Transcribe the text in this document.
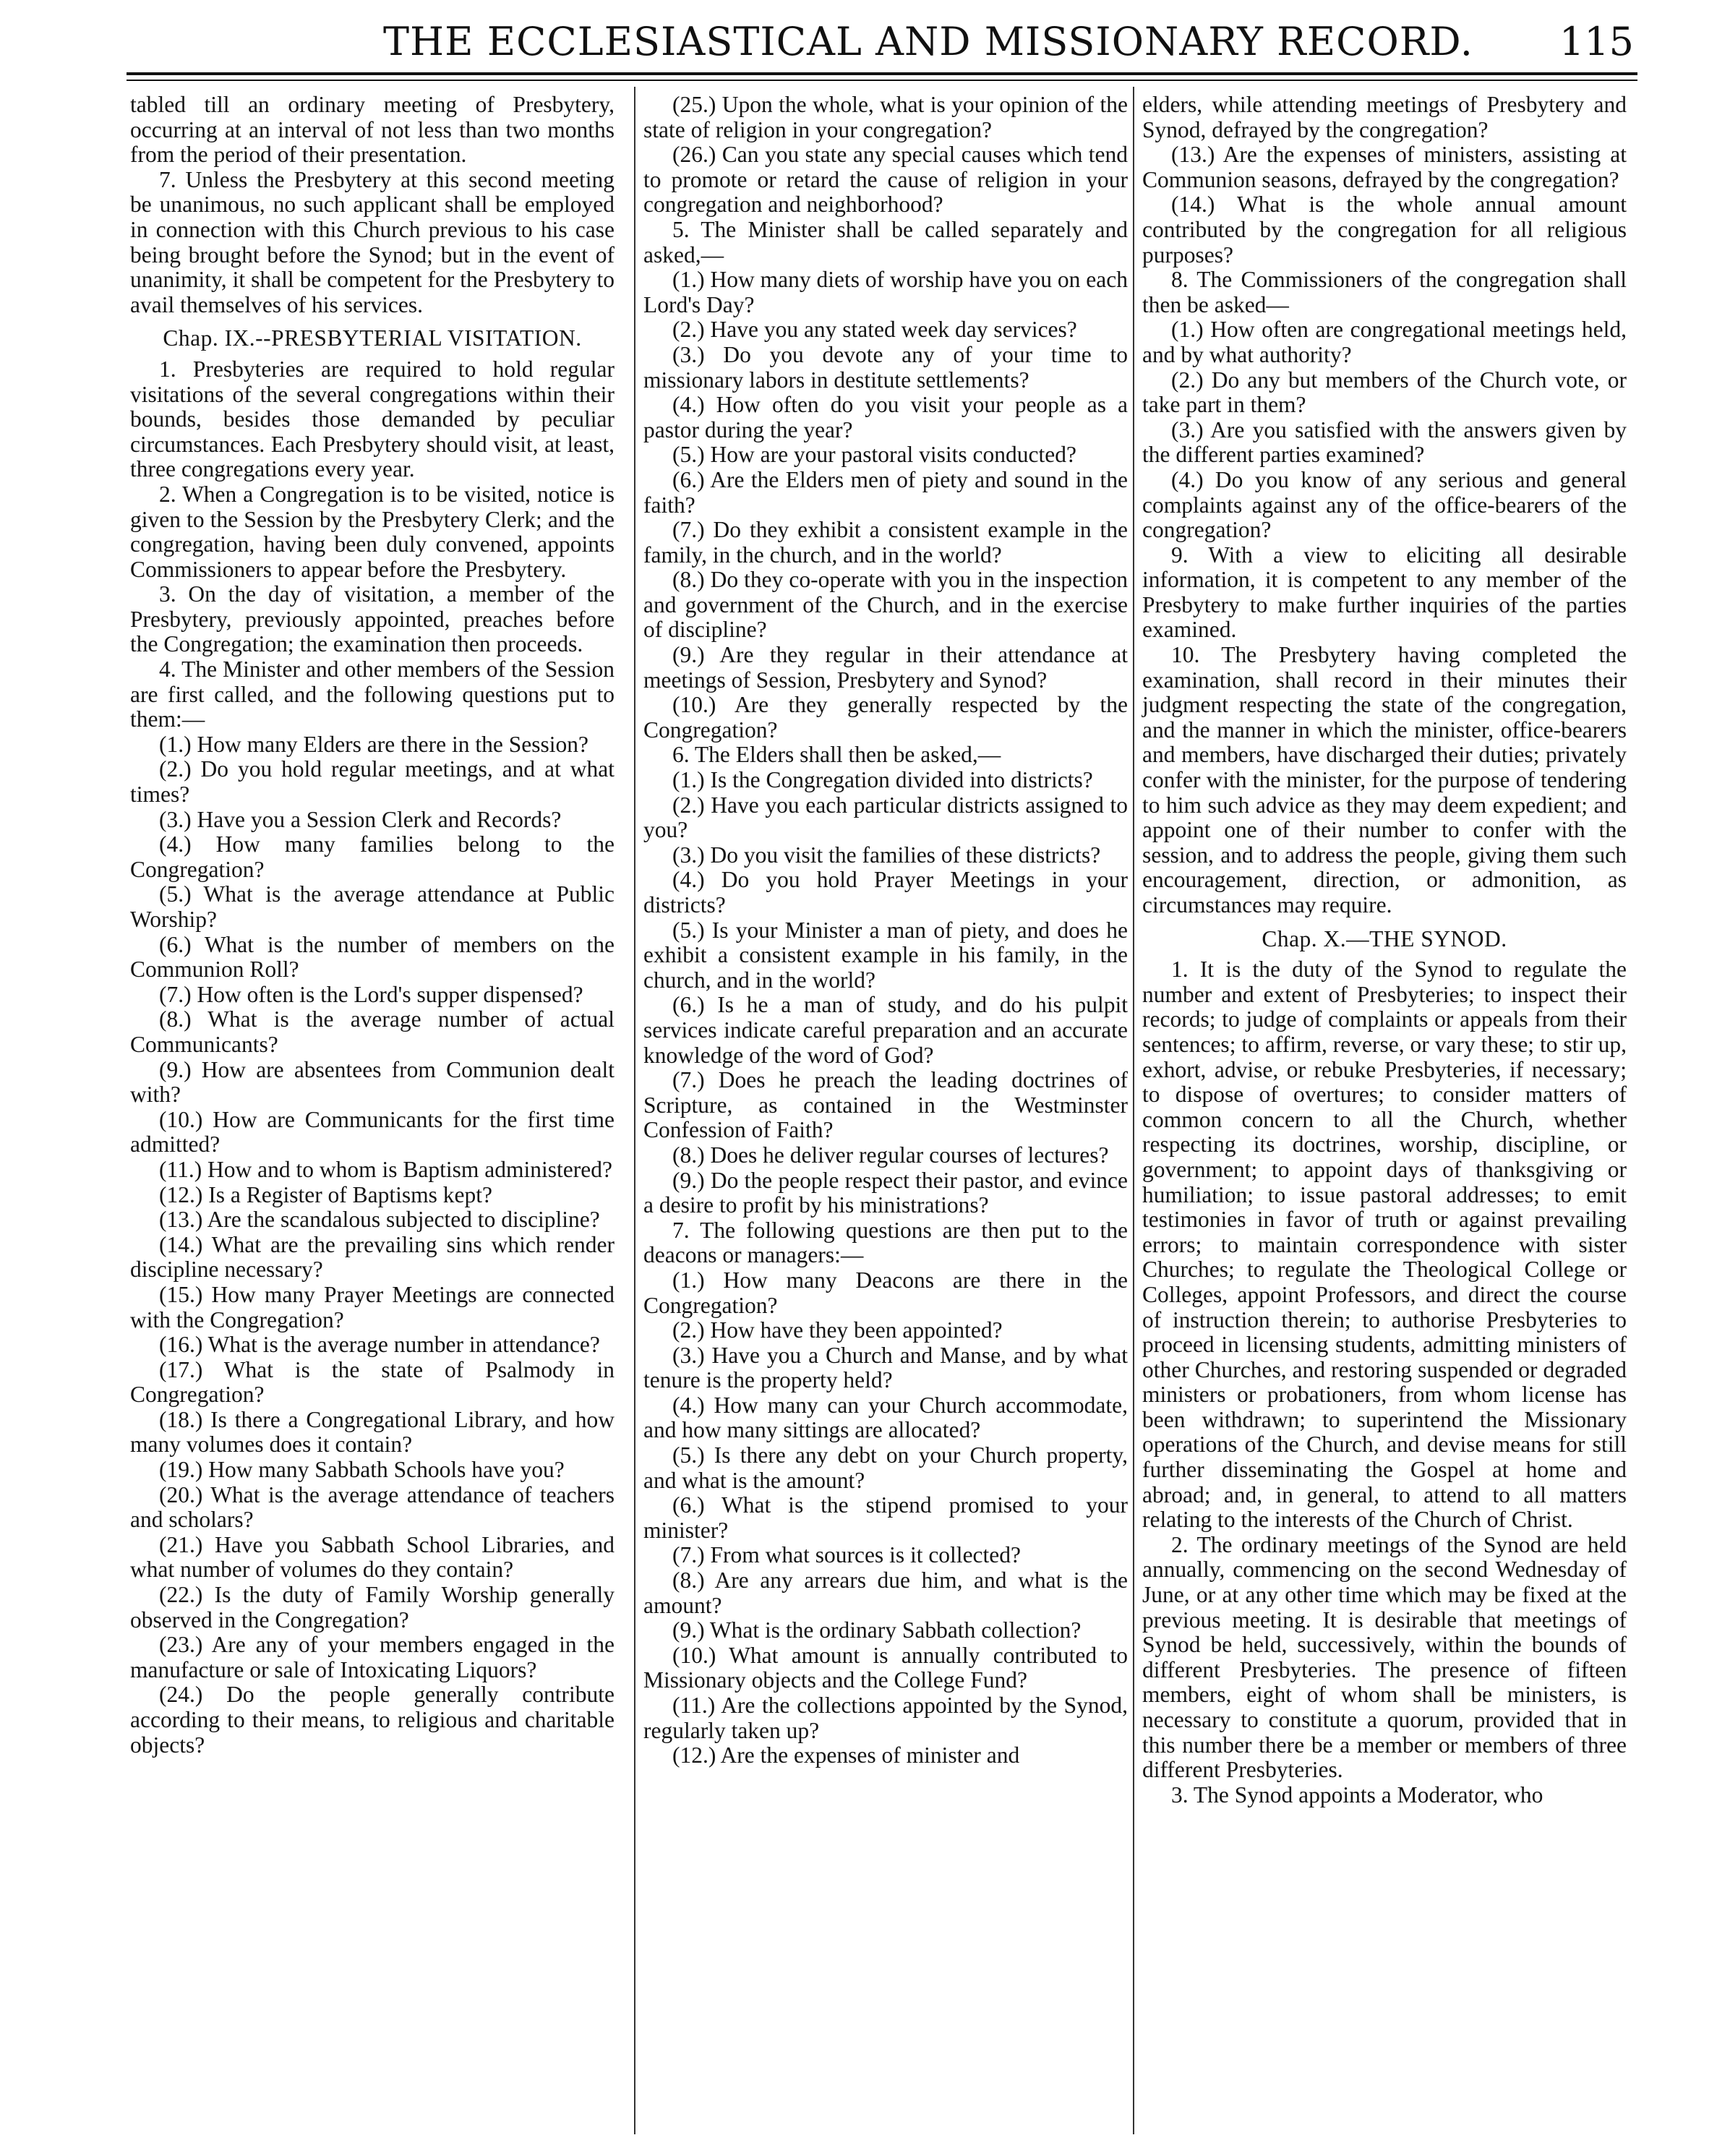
THE ECCLESIASTICAL AND MISSIONARY RECORD. 115

tabled till an ordinary meeting of Presbytery, occurring at an interval of not less than two months from the period of their presentation.

7. Unless the Presbytery at this second meeting be unanimous, no such applicant shall be employed in connection with this Church previous to his case being brought before the Synod; but in the event of unanimity, it shall be competent for the Presbytery to avail themselves of his services.

Chap. IX.--PRESBYTERIAL VISITATION.

1. Presbyteries are required to hold regular visitations of the several congregations within their bounds, besides those demanded by peculiar circumstances. Each Presbytery should visit, at least, three congregations every year.

2. When a Congregation is to be visited, notice is given to the Session by the Presbytery Clerk; and the congregation, having been duly convened, appoints Commissioners to appear before the Presbytery.

3. On the day of visitation, a member of the Presbytery, previously appointed, preaches before the Congregation; the examination then proceeds.

4. The Minister and other members of the Session are first called, and the following questions put to them:—

(1.) How many Elders are there in the Session?

(2.) Do you hold regular meetings, and at what times?

(3.) Have you a Session Clerk and Records?

(4.) How many families belong to the Congregation?

(5.) What is the average attendance at Public Worship?

(6.) What is the number of members on the Communion Roll?

(7.) How often is the Lord's supper dispensed?

(8.) What is the average number of actual Communicants?

(9.) How are absentees from Communion dealt with?

(10.) How are Communicants for the first time admitted?

(11.) How and to whom is Baptism administered?

(12.) Is a Register of Baptisms kept?

(13.) Are the scandalous subjected to discipline?

(14.) What are the prevailing sins which render discipline necessary?

(15.) How many Prayer Meetings are connected with the Congregation?

(16.) What is the average number in attendance?

(17.) What is the state of Psalmody in Congregation?

(18.) Is there a Congregational Library, and how many volumes does it contain?

(19.) How many Sabbath Schools have you?

(20.) What is the average attendance of teachers and scholars?

(21.) Have you Sabbath School Libraries, and what number of volumes do they contain?

(22.) Is the duty of Family Worship generally observed in the Congregation?

(23.) Are any of your members engaged in the manufacture or sale of Intoxicating Liquors?

(24.) Do the people generally contribute according to their means, to religious and charitable objects?

(25.) Upon the whole, what is your opinion of the state of religion in your congregation?

(26.) Can you state any special causes which tend to promote or retard the cause of religion in your congregation and neighborhood?

5. The Minister shall be called separately and asked,—

(1.) How many diets of worship have you on each Lord's Day?

(2.) Have you any stated week day services?

(3.) Do you devote any of your time to missionary labors in destitute settlements?

(4.) How often do you visit your people as a pastor during the year?

(5.) How are your pastoral visits conducted?

(6.) Are the Elders men of piety and sound in the faith?

(7.) Do they exhibit a consistent example in the family, in the church, and in the world?

(8.) Do they co-operate with you in the inspection and government of the Church, and in the exercise of discipline?

(9.) Are they regular in their attendance at meetings of Session, Presbytery and Synod?

(10.) Are they generally respected by the Congregation?

6. The Elders shall then be asked,—

(1.) Is the Congregation divided into districts?

(2.) Have you each particular districts assigned to you?

(3.) Do you visit the families of these districts?

(4.) Do you hold Prayer Meetings in your districts?

(5.) Is your Minister a man of piety, and does he exhibit a consistent example in his family, in the church, and in the world?

(6.) Is he a man of study, and do his pulpit services indicate careful preparation and an accurate knowledge of the word of God?

(7.) Does he preach the leading doctrines of Scripture, as contained in the Westminster Confession of Faith?

(8.) Does he deliver regular courses of lectures?

(9.) Do the people respect their pastor, and evince a desire to profit by his ministrations?

7. The following questions are then put to the deacons or managers:—

(1.) How many Deacons are there in the Congregation?

(2.) How have they been appointed?

(3.) Have you a Church and Manse, and by what tenure is the property held?

(4.) How many can your Church accommodate, and how many sittings are allocated?

(5.) Is there any debt on your Church property, and what is the amount?

(6.) What is the stipend promised to your minister?

(7.) From what sources is it collected?

(8.) Are any arrears due him, and what is the amount?

(9.) What is the ordinary Sabbath collection?

(10.) What amount is annually contributed to Missionary objects and the College Fund?

(11.) Are the collections appointed by the Synod, regularly taken up?

(12.) Are the expenses of minister and

elders, while attending meetings of Presbytery and Synod, defrayed by the congregation?

(13.) Are the expenses of ministers, assisting at Communion seasons, defrayed by the congregation?

(14.) What is the whole annual amount contributed by the congregation for all religious purposes?

8. The Commissioners of the congregation shall then be asked—

(1.) How often are congregational meetings held, and by what authority?

(2.) Do any but members of the Church vote, or take part in them?

(3.) Are you satisfied with the answers given by the different parties examined?

(4.) Do you know of any serious and general complaints against any of the office-bearers of the congregation?

9. With a view to eliciting all desirable information, it is competent to any member of the Presbytery to make further inquiries of the parties examined.

10. The Presbytery having completed the examination, shall record in their minutes their judgment respecting the state of the congregation, and the manner in which the minister, office-bearers and members, have discharged their duties; privately confer with the minister, for the purpose of tendering to him such advice as they may deem expedient; and appoint one of their number to confer with the session, and to address the people, giving them such encouragement, direction, or admonition, as circumstances may require.

Chap. X.—THE SYNOD.

1. It is the duty of the Synod to regulate the number and extent of Presbyteries; to inspect their records; to judge of complaints or appeals from their sentences; to affirm, reverse, or vary these; to stir up, exhort, advise, or rebuke Presbyteries, if necessary; to dispose of overtures; to consider matters of common concern to all the Church, whether respecting its doctrines, worship, discipline, or government; to appoint days of thanksgiving or humiliation; to issue pastoral addresses; to emit testimonies in favor of truth or against prevailing errors; to maintain correspondence with sister Churches; to regulate the Theological College or Colleges, appoint Professors, and direct the course of instruction therein; to authorise Presbyteries to proceed in licensing students, admitting ministers of other Churches, and restoring suspended or degraded ministers or probationers, from whom license has been withdrawn; to superintend the Missionary operations of the Church, and devise means for still further disseminating the Gospel at home and abroad; and, in general, to attend to all matters relating to the interests of the Church of Christ.

2. The ordinary meetings of the Synod are held annually, commencing on the second Wednesday of June, or at any other time which may be fixed at the previous meeting. It is desirable that meetings of Synod be held, successively, within the bounds of different Presbyteries. The presence of fifteen members, eight of whom shall be ministers, is necessary to constitute a quorum, provided that in this number there be a member or members of three different Presbyteries.

3. The Synod appoints a Moderator, who
